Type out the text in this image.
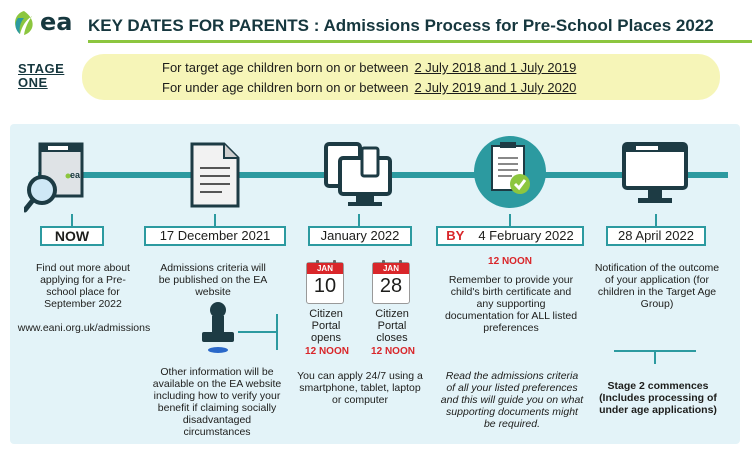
ea KEY DATES FOR PARENTS : Admissions Process for Pre-School Places 2022
STAGE
ONE
For target age children born on or between 2 July 2018 and 1 July 2019
For under age children born on or between 2 July 2019 and 1 July 2020
ea
NOW	17 December 2021	January 2022	BY 4 February 2022	28 April 2022
Find out more about applying for a Pre-school place for September 2022
www.eani.org.uk/admissions
Admissions criteria will be published on the EA website
Other information will be available on the EA website including how to verify your benefit if claiming socially disadvantaged circumstances
JAN
10
Citizen Portal opens
12 NOON
JAN
28
Citizen Portal closes
12 NOON
You can apply 24/7 using a smartphone, tablet, laptop or computer
12 NOON
Remember to provide your child's birth certificate and any supporting documentation for ALL listed preferences
Read the admissions criteria of all your listed preferences and this will guide you on what supporting documents might be required.
Notification of the outcome of your application (for children in the Target Age Group)
Stage 2 commences (Includes processing of under age applications)
